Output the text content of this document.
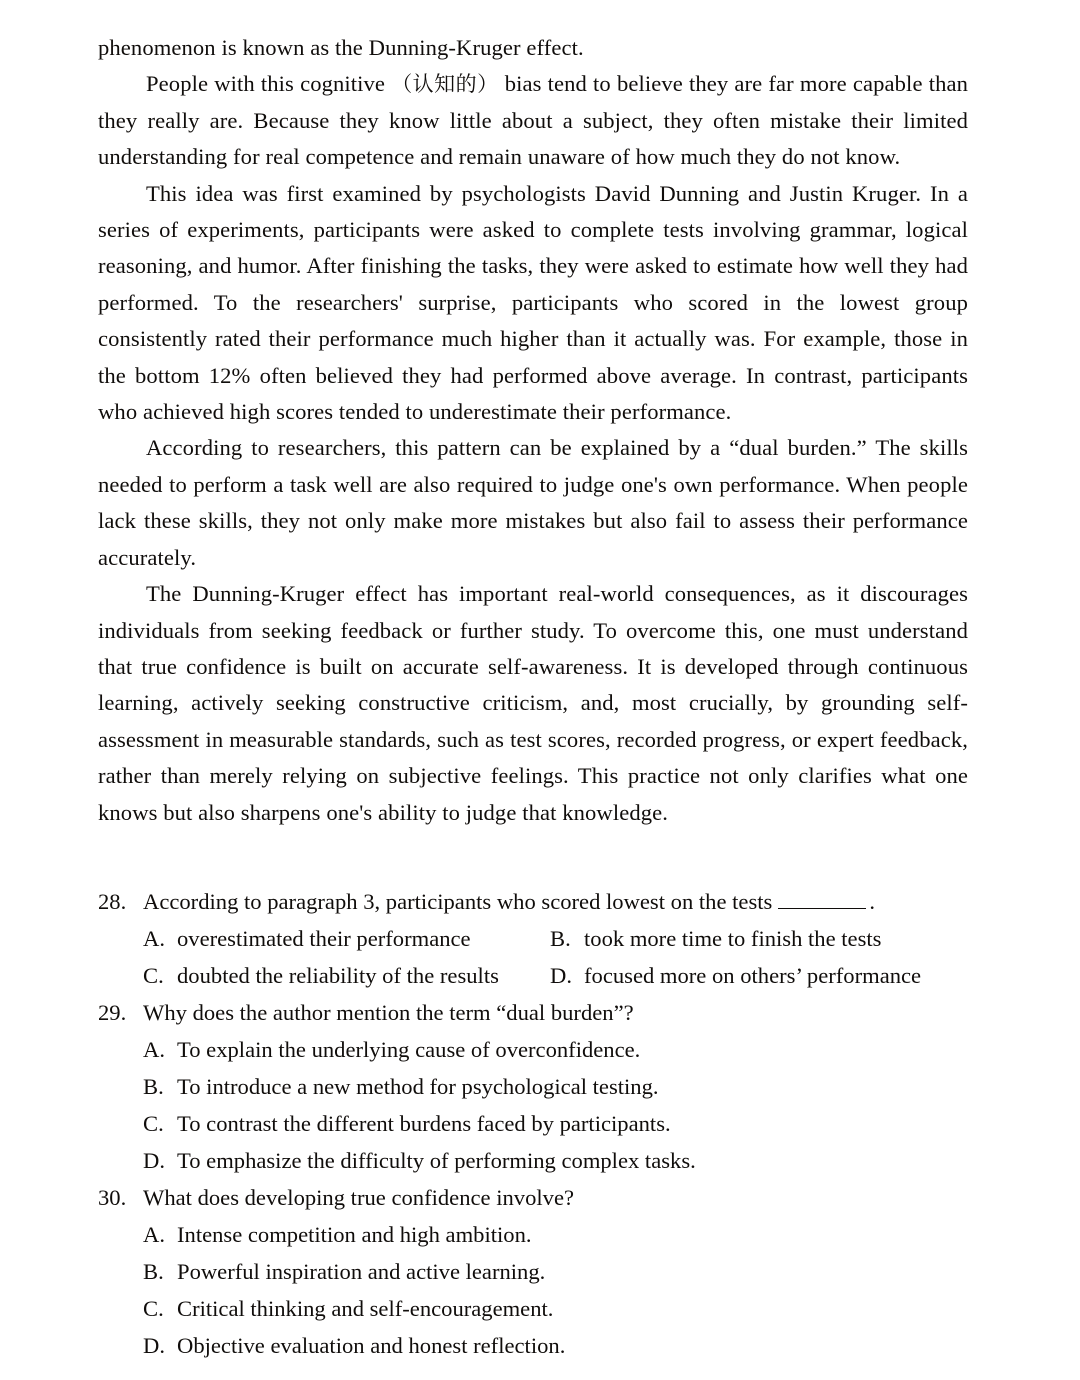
phenomenon is known as the Dunning-Kruger effect.

People with this cognitive （认知的） bias tend to believe they are far more capable than they really are. Because they know little about a subject, they often mistake their limited understanding for real competence and remain unaware of how much they do not know.

This idea was first examined by psychologists David Dunning and Justin Kruger. In a series of experiments, participants were asked to complete tests involving grammar, logical reasoning, and humor. After finishing the tasks, they were asked to estimate how well they had performed. To the researchers' surprise, participants who scored in the lowest group consistently rated their performance much higher than it actually was. For example, those in the bottom 12% often believed they had performed above average. In contrast, participants who achieved high scores tended to underestimate their performance.

According to researchers, this pattern can be explained by a “dual burden.” The skills needed to perform a task well are also required to judge one's own performance. When people lack these skills, they not only make more mistakes but also fail to assess their performance accurately.

The Dunning-Kruger effect has important real-world consequences, as it discourages individuals from seeking feedback or further study. To overcome this, one must understand that true confidence is built on accurate self-awareness. It is developed through continuous learning, actively seeking constructive criticism, and, most crucially, by grounding self-assessment in measurable standards, such as test scores, recorded progress, or expert feedback, rather than merely relying on subjective feelings. This practice not only clarifies what one knows but also sharpens one's ability to judge that knowledge.

28. According to paragraph 3, participants who scored lowest on the tests	.
A. overestimated their performance	B. took more time to finish the tests
C. doubted the reliability of the results	D. focused more on others’ performance
29. Why does the author mention the term “dual burden”?
A. To explain the underlying cause of overconfidence.
B. To introduce a new method for psychological testing.
C. To contrast the different burdens faced by participants.
D. To emphasize the difficulty of performing complex tasks.
30. What does developing true confidence involve?
A. Intense competition and high ambition.
B. Powerful inspiration and active learning.
C. Critical thinking and self-encouragement.
D. Objective evaluation and honest reflection.
